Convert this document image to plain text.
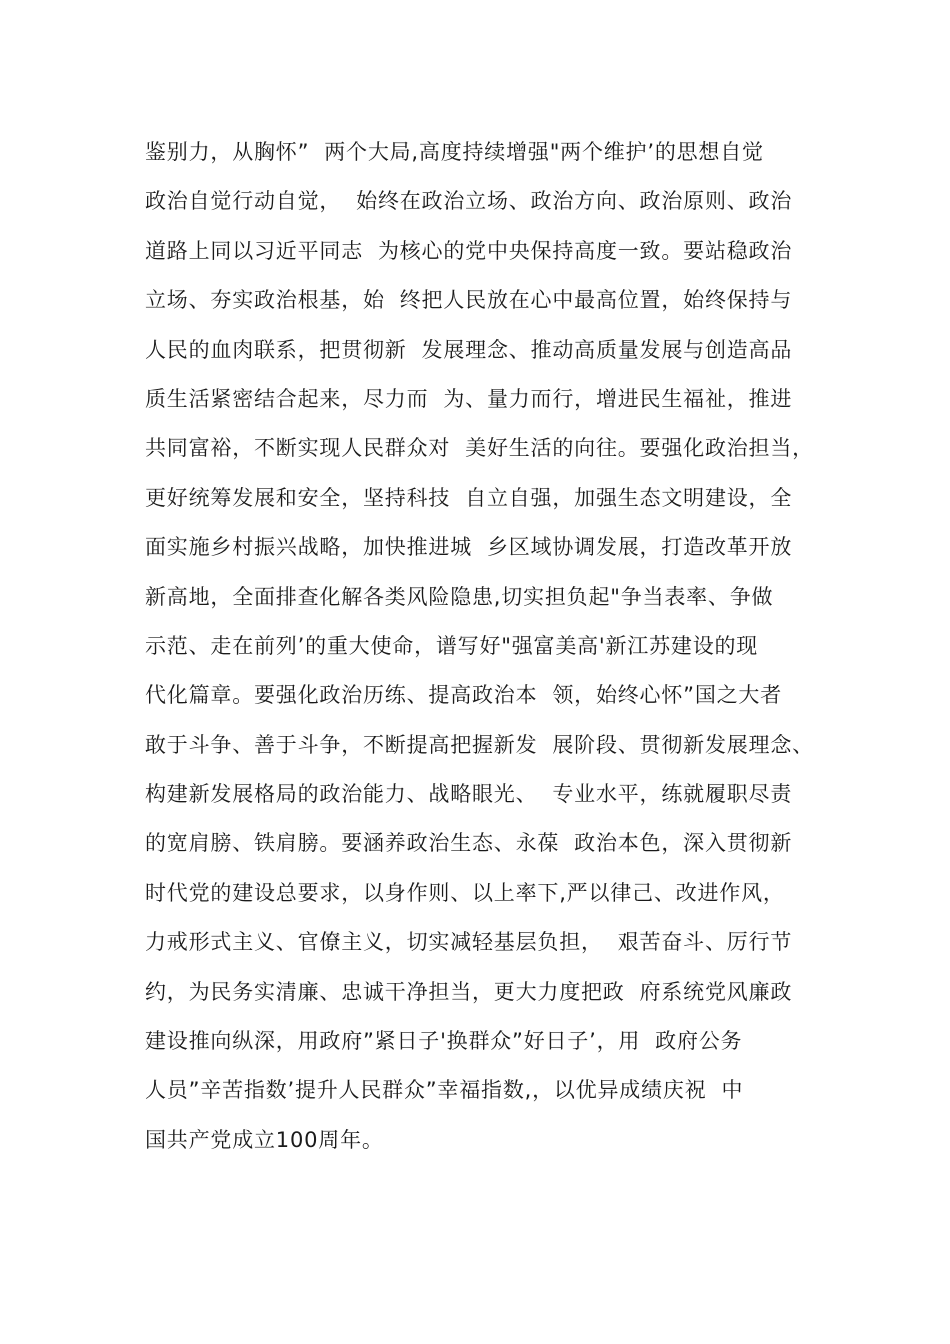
鉴别力，从胸怀”  两个大局,高度持续增强"两个维护’的思想自觉
政治自觉行动自觉，  始终在政治立场、政治方向、政治原则、政治
道路上同以习近平同志  为核心的党中央保持高度一致。要站稳政治
立场、夯实政治根基，始  终把人民放在心中最高位置，始终保持与
人民的血肉联系，把贯彻新  发展理念、推动高质量发展与创造高品
质生活紧密结合起来，尽力而  为、量力而行，增进民生福祉，推进
共同富裕，不断实现人民群众对  美好生活的向往。要强化政治担当，
更好统筹发展和安全，坚持科技  自立自强，加强生态文明建设，全
面实施乡村振兴战略，加快推进城  乡区域协调发展，打造改革开放
新高地，全面排查化解各类风险隐患,切实担负起"争当表率、争做
示范、走在前列’的重大使命，谱写好"强富美高'新江苏建设的现
代化篇章。要强化政治历练、提高政治本  领，始终心怀”国之大者
敢于斗争、善于斗争，不断提高把握新发  展阶段、贯彻新发展理念、
构建新发展格局的政治能力、战略眼光、  专业水平，练就履职尽责
的宽肩膀、铁肩膀。要涵养政治生态、永葆  政治本色，深入贯彻新
时代党的建设总要求，以身作则、以上率下,严以律己、改进作风，
力戒形式主义、官僚主义，切实减轻基层负担，  艰苦奋斗、厉行节
约，为民务实清廉、忠诚干净担当，更大力度把政  府系统党风廉政
建设推向纵深，用政府”紧日子'换群众”好日子’，用  政府公务
人员”辛苦指数’提升人民群众”幸福指数,，以优异成绩庆祝  中
国共产党成立100周年。
